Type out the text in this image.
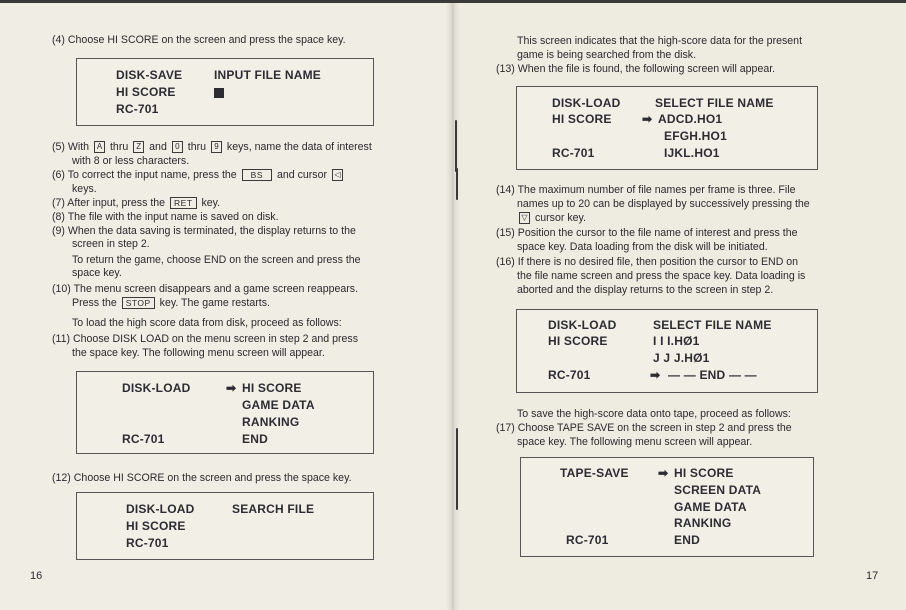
(4) Choose HI SCORE on the screen and press the space key.
DISK-SAVE
HI SCORE
RC-701
INPUT FILE NAME
(5) With A thru Z and 0 thru 9 keys, name the data of interest
with 8 or less characters.
(6) To correct the input name, press the BS and cursor ◁
keys.
(7) After input, press the RET key.
(8) The file with the input name is saved on disk.
(9) When the data saving is terminated, the display returns to the
screen in step 2.
To return the game, choose END on the screen and press the
space key.
(10) The menu screen disappears and a game screen reappears.
Press the STOP key. The game restarts.
To load the high score data from disk, proceed as follows:
(11) Choose DISK LOAD on the menu screen in step 2 and press
the space key. The following menu screen will appear.
DISK-LOAD
RC-701
➡ HI SCORE
GAME DATA
RANKING
END
(12) Choose HI SCORE on the screen and press the space key.
DISK-LOAD
HI SCORE
RC-701
SEARCH FILE
16
This screen indicates that the high-score data for the present
game is being searched from the disk.
(13) When the file is found, the following screen will appear.
DISK-LOAD
HI SCORE
RC-701
SELECT FILE NAME
➡ ADCD.HO1
EFGH.HO1
IJKL.HO1
(14) The maximum number of file names per frame is three. File
names up to 20 can be displayed by successively pressing the
▽ cursor key.
(15) Position the cursor to the file name of interest and press the
space key. Data loading from the disk will be initiated.
(16) If there is no desired file, then position the cursor to END on
the file name screen and press the space key. Data loading is
aborted and the display returns to the screen in step 2.
DISK-LOAD
HI SCORE
RC-701
SELECT FILE NAME
I I I.HØ1
J J J.HØ1
➡ — — END — —
To save the high-score data onto tape, proceed as follows:
(17) Choose TAPE SAVE on the screen in step 2 and press the
space key. The following menu screen will appear.
TAPE-SAVE
RC-701
➡ HI SCORE
SCREEN DATA
GAME DATA
RANKING
END
17
